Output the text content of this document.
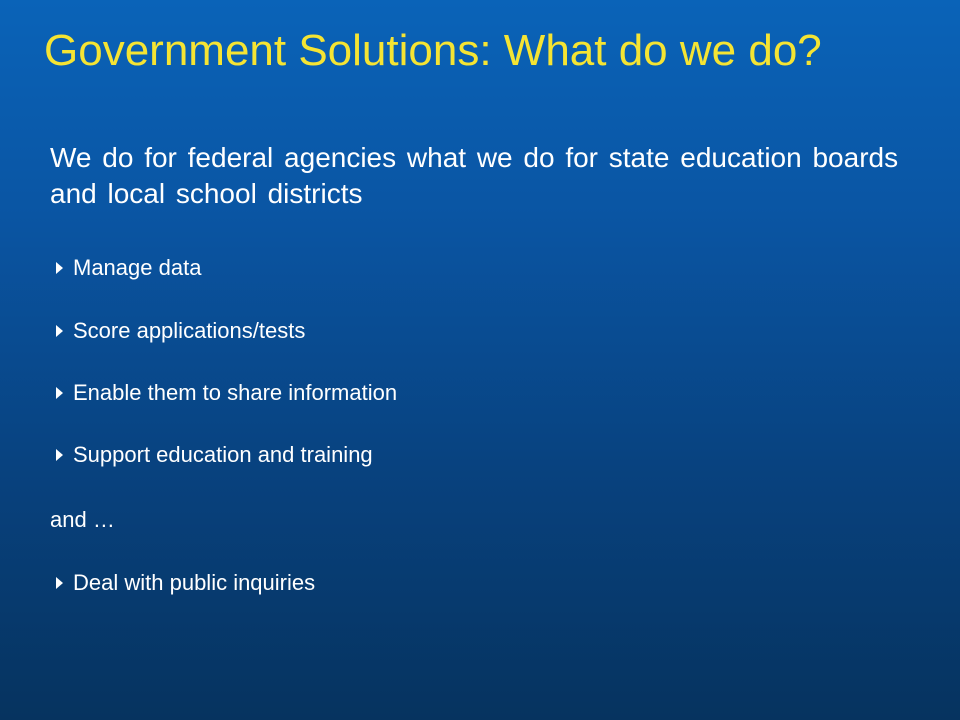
Government Solutions: What do we do?
We do for federal agencies what we do for state education boards and local school districts
Manage data
Score applications/tests
Enable them to share information
Support education and training
and …
Deal with public inquiries
